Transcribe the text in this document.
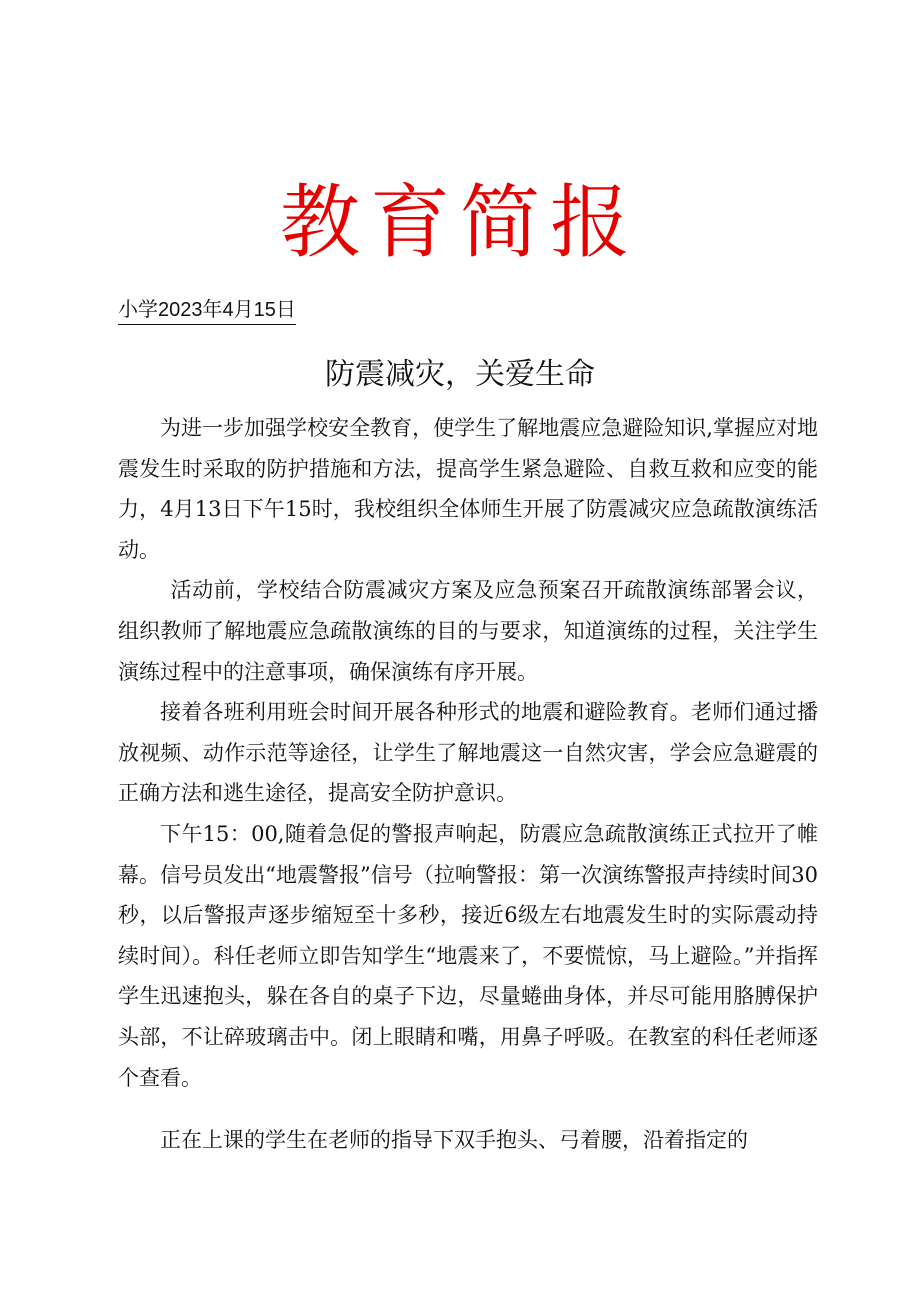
教育简报
小学2023年4月15日
防震减灾，关爱生命

为进一步加强学校安全教育，使学生了解地震应急避险知识,掌握应对地震发生时采取的防护措施和方法，提高学生紧急避险、自救互救和应变的能力，4月13日下午15时，我校组织全体师生开展了防震减灾应急疏散演练活动。

活动前，学校结合防震减灾方案及应急预案召开疏散演练部署会议，组织教师了解地震应急疏散演练的目的与要求，知道演练的过程，关注学生演练过程中的注意事项，确保演练有序开展。

接着各班利用班会时间开展各种形式的地震和避险教育。老师们通过播放视频、动作示范等途径，让学生了解地震这一自然灾害，学会应急避震的正确方法和逃生途径，提高安全防护意识。

下午15：00,随着急促的警报声响起，防震应急疏散演练正式拉开了帷幕。信号员发出“地震警报”信号（拉响警报：第一次演练警报声持续时间30秒，以后警报声逐步缩短至十多秒，接近6级左右地震发生时的实际震动持续时间）。科任老师立即告知学生“地震来了，不要慌惊，马上避险。”并指挥学生迅速抱头，躲在各自的桌子下边，尽量蜷曲身体，并尽可能用胳膊保护头部，不让碎玻璃击中。闭上眼睛和嘴，用鼻子呼吸。在教室的科任老师逐个查看。

正在上课的学生在老师的指导下双手抱头、弓着腰，沿着指定的
